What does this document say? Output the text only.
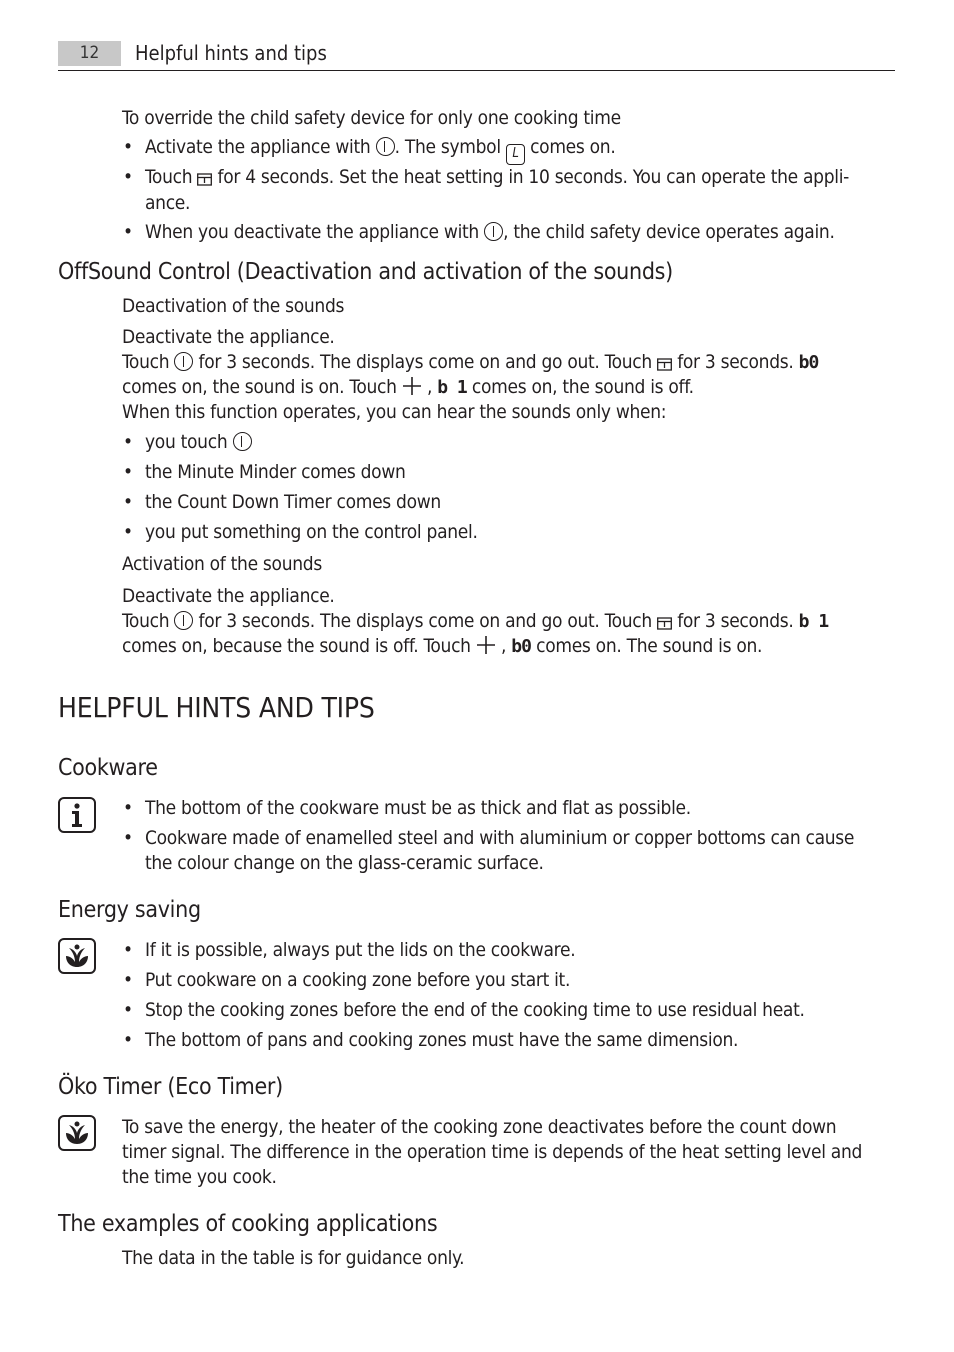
12	Helpful hints and tips
To override the child safety device for only one cooking time
• Activate the appliance with . The symbol L comes on.
• Touch for 4 seconds. Set the heat setting in 10 seconds. You can operate the appli-
ance.
• When you deactivate the appliance with , the child safety device operates again.
OffSound Control (Deactivation and activation of the sounds)
Deactivation of the sounds
Deactivate the appliance.
Touch for 3 seconds. The displays come on and go out. Touch for 3 seconds. b0
comes on, the sound is on. Touch , b 1 comes on, the sound is off.
When this function operates, you can hear the sounds only when:
• you touch
• the Minute Minder comes down
• the Count Down Timer comes down
• you put something on the control panel.
Activation of the sounds
Deactivate the appliance.
Touch for 3 seconds. The displays come on and go out. Touch for 3 seconds. b 1
comes on, because the sound is off. Touch , b0 comes on. The sound is on.
HELPFUL HINTS AND TIPS
Cookware
• The bottom of the cookware must be as thick and flat as possible.
• Cookware made of enamelled steel and with aluminium or copper bottoms can cause
the colour change on the glass-ceramic surface.
Energy saving
• If it is possible, always put the lids on the cookware.
• Put cookware on a cooking zone before you start it.
• Stop the cooking zones before the end of the cooking time to use residual heat.
• The bottom of pans and cooking zones must have the same dimension.
Öko Timer (Eco Timer)
To save the energy, the heater of the cooking zone deactivates before the count down
timer signal. The difference in the operation time is depends of the heat setting level and
the time you cook.
The examples of cooking applications
The data in the table is for guidance only.
